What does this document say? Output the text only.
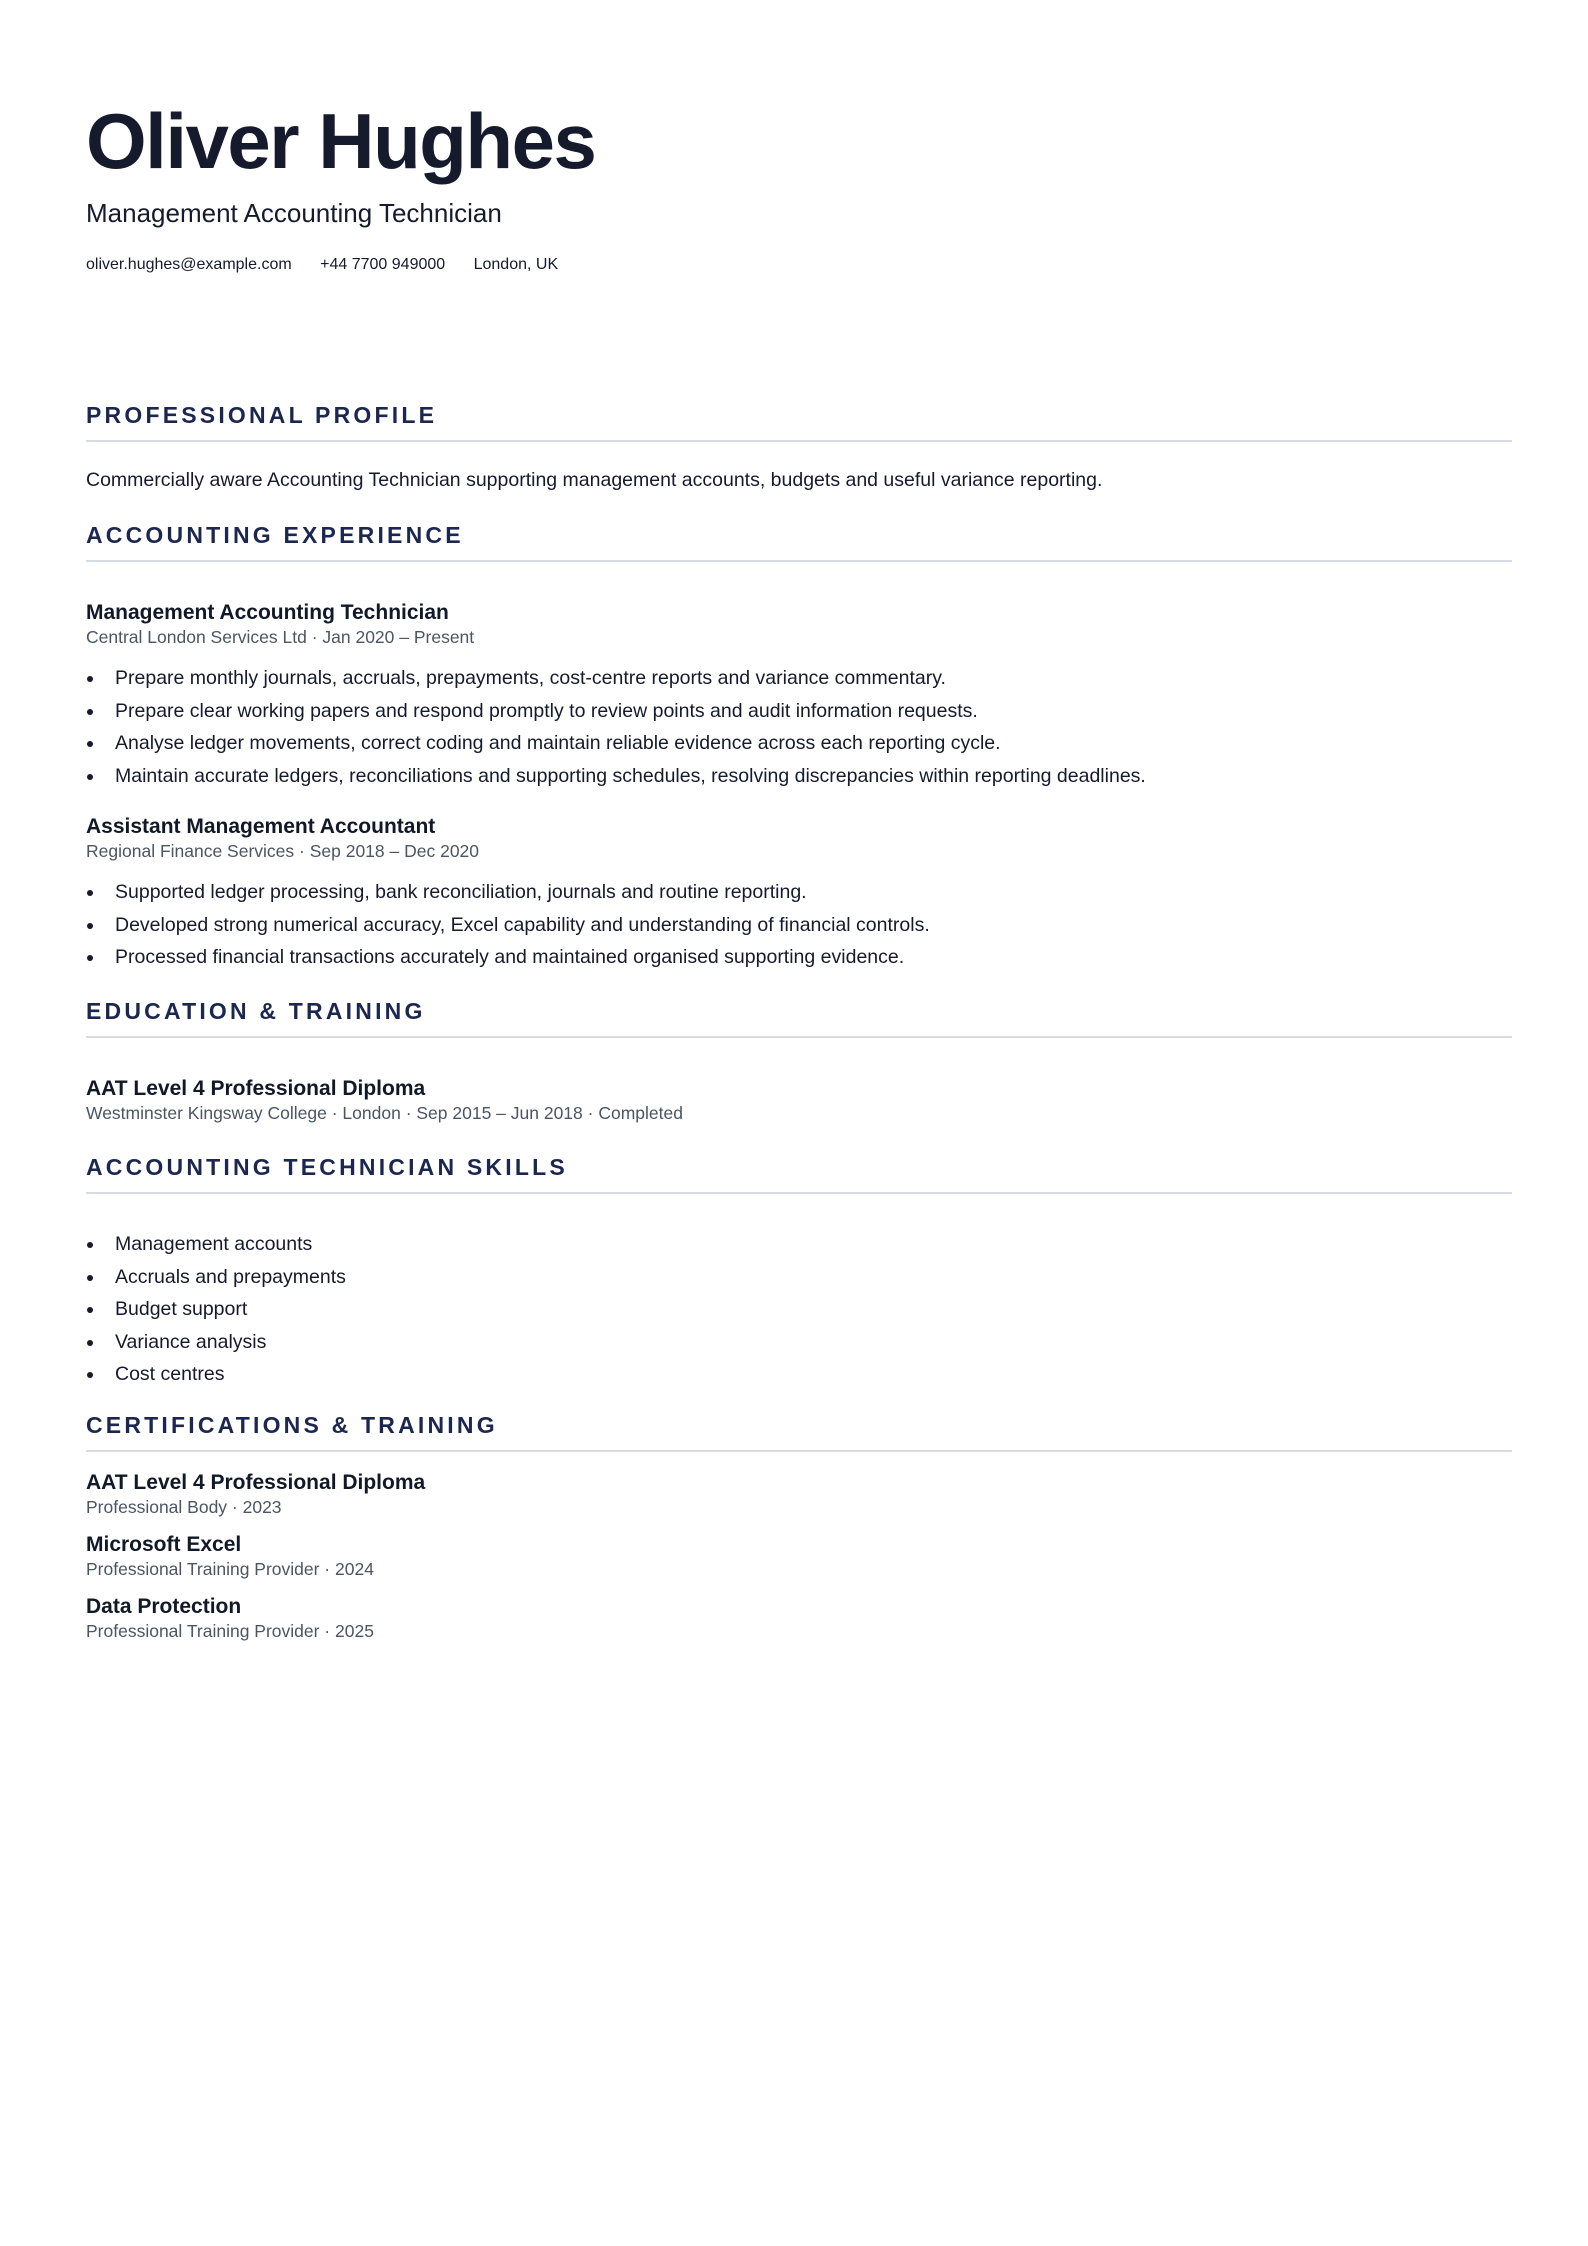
Oliver Hughes
Management Accounting Technician
oliver.hughes@example.com +44 7700 949000 London, UK
PROFESSIONAL PROFILE
Commercially aware Accounting Technician supporting management accounts, budgets and useful variance reporting.
ACCOUNTING EXPERIENCE
Management Accounting Technician
Central London Services Ltd · Jan 2020 – Present
Prepare monthly journals, accruals, prepayments, cost-centre reports and variance commentary.
Prepare clear working papers and respond promptly to review points and audit information requests.
Analyse ledger movements, correct coding and maintain reliable evidence across each reporting cycle.
Maintain accurate ledgers, reconciliations and supporting schedules, resolving discrepancies within reporting deadlines.
Assistant Management Accountant
Regional Finance Services · Sep 2018 – Dec 2020
Supported ledger processing, bank reconciliation, journals and routine reporting.
Developed strong numerical accuracy, Excel capability and understanding of financial controls.
Processed financial transactions accurately and maintained organised supporting evidence.
EDUCATION & TRAINING
AAT Level 4 Professional Diploma
Westminster Kingsway College · London · Sep 2015 – Jun 2018 · Completed
ACCOUNTING TECHNICIAN SKILLS
Management accounts
Accruals and prepayments
Budget support
Variance analysis
Cost centres
CERTIFICATIONS & TRAINING
AAT Level 4 Professional Diploma
Professional Body · 2023
Microsoft Excel
Professional Training Provider · 2024
Data Protection
Professional Training Provider · 2025
